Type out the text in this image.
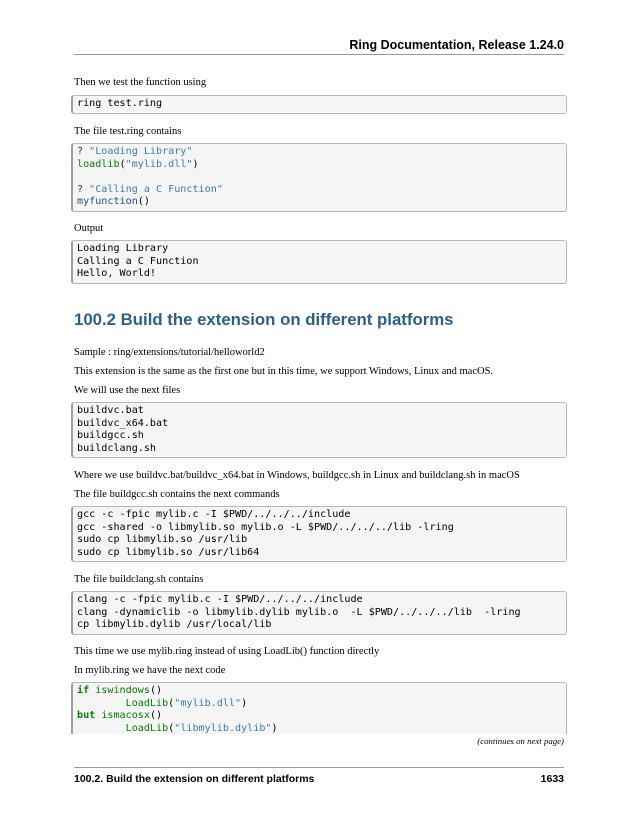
Ring Documentation, Release 1.24.0
Then we test the function using
ring test.ring
The file test.ring contains
? "Loading Library"
loadlib("mylib.dll")
? "Calling a C Function"
myfunction()
Output
Loading Library
Calling a C Function
Hello, World!
100.2 Build the extension on different platforms
Sample : ring/extensions/tutorial/helloworld2
This extension is the same as the first one but in this time, we support Windows, Linux and macOS.
We will use the next files
buildvc.bat
buildvc_x64.bat
buildgcc.sh
buildclang.sh
Where we use buildvc.bat/buildvc_x64.bat in Windows, buildgcc.sh in Linux and buildclang.sh in macOS
The file buildgcc.sh contains the next commands
gcc -c -fpic mylib.c -I $PWD/../../../include
gcc -shared -o libmylib.so mylib.o -L $PWD/../../../lib -lring
sudo cp libmylib.so /usr/lib
sudo cp libmylib.so /usr/lib64
The file buildclang.sh contains
clang -c -fpic mylib.c -I $PWD/../../../include
clang -dynamiclib -o libmylib.dylib mylib.o  -L $PWD/../../../lib  -lring
cp libmylib.dylib /usr/local/lib
This time we use mylib.ring instead of using LoadLib() function directly
In mylib.ring we have the next code
if iswindows()
LoadLib("mylib.dll")
but ismacosx()
LoadLib("libmylib.dylib")
(continues on next page)
100.2. Build the extension on different platforms	1633
